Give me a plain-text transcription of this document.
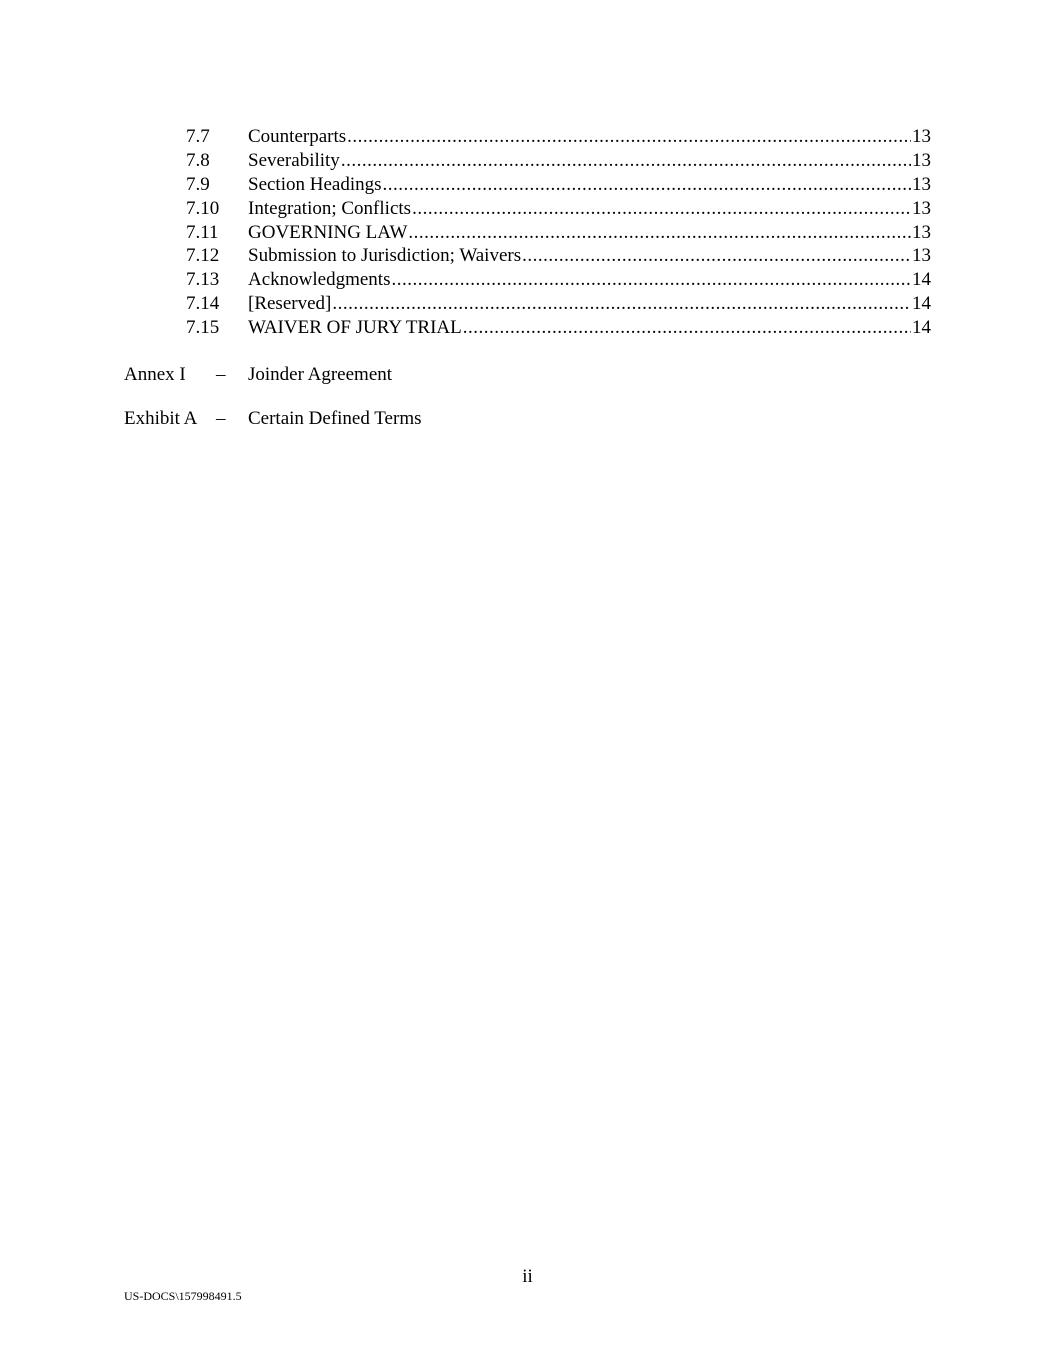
7.7 Counterparts .....	13
7.8 Severability .....	13
7.9 Section Headings .....	13
7.10 Integration; Conflicts .....	13
7.11 GOVERNING LAW .....	13
7.12 Submission to Jurisdiction; Waivers .....	13
7.13 Acknowledgments .....	14
7.14 [Reserved] .....	14
7.15 WAIVER OF JURY TRIAL .....	14
Annex I – Joinder Agreement
Exhibit A – Certain Defined Terms
ii
US-DOCS\157998491.5
